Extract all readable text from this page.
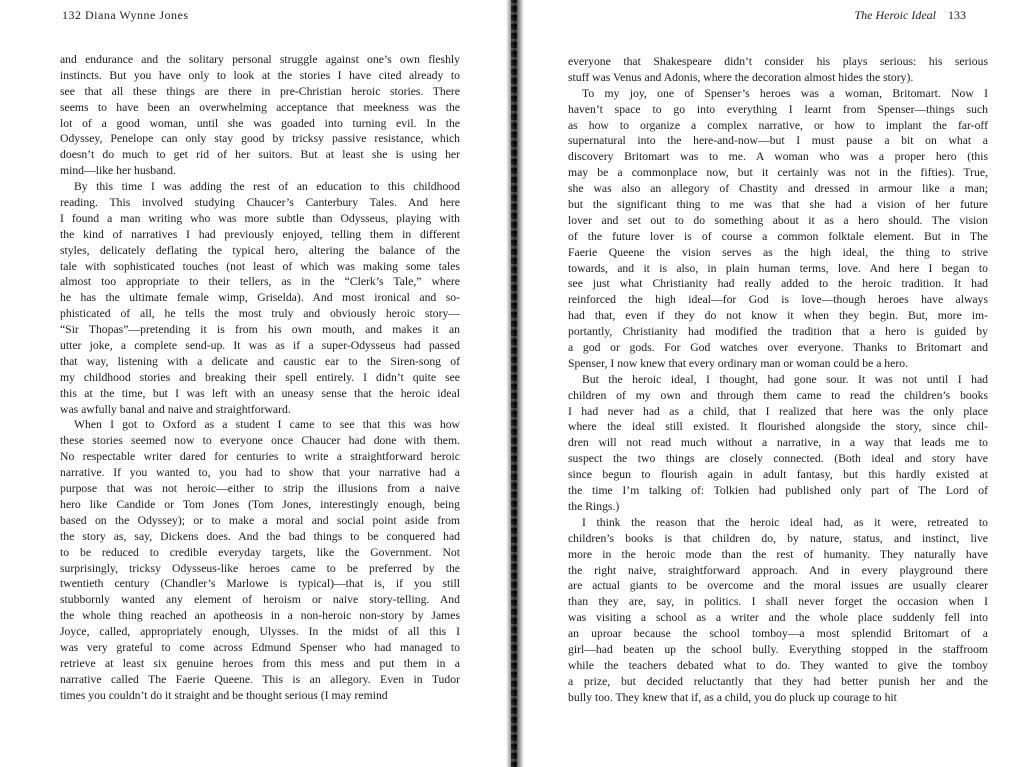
132 Diana Wynne Jones
and endurance and the solitary personal struggle against one’s own fleshly
instincts. But you have only to look at the stories I have cited already to
see that all these things are there in pre-Christian heroic stories. There
seems to have been an overwhelming acceptance that meekness was the
lot of a good woman, until she was goaded into turning evil. In the
Odyssey, Penelope can only stay good by tricksy passive resistance, which
doesn’t do much to get rid of her suitors. But at least she is using her
mind—like her husband.
By this time I was adding the rest of an education to this childhood
reading. This involved studying Chaucer’s Canterbury Tales. And here
I found a man writing who was more subtle than Odysseus, playing with
the kind of narratives I had previously enjoyed, telling them in different
styles, delicately deflating the typical hero, altering the balance of the
tale with sophisticated touches (not least of which was making some tales
almost too appropriate to their tellers, as in the “Clerk’s Tale,” where
he has the ultimate female wimp, Griselda). And most ironical and so-
phisticated of all, he tells the most truly and obviously heroic story—
“Sir Thopas”—pretending it is from his own mouth, and makes it an
utter joke, a complete send-up. It was as if a super-Odysseus had passed
that way, listening with a delicate and caustic ear to the Siren-song of
my childhood stories and breaking their spell entirely. I didn’t quite see
this at the time, but I was left with an uneasy sense that the heroic ideal
was awfully banal and naive and straightforward.
When I got to Oxford as a student I came to see that this was how
these stories seemed now to everyone once Chaucer had done with them.
No respectable writer dared for centuries to write a straightforward heroic
narrative. If you wanted to, you had to show that your narrative had a
purpose that was not heroic—either to strip the illusions from a naive
hero like Candide or Tom Jones (Tom Jones, interestingly enough, being
based on the Odyssey); or to make a moral and social point aside from
the story as, say, Dickens does. And the bad things to be conquered had
to be reduced to credible everyday targets, like the Government. Not
surprisingly, tricksy Odysseus-like heroes came to be preferred by the
twentieth century (Chandler’s Marlowe is typical)—that is, if you still
stubbornly wanted any element of heroism or naive story-telling. And
the whole thing reached an apotheosis in a non-heroic non-story by James
Joyce, called, appropriately enough, Ulysses. In the midst of all this I
was very grateful to come across Edmund Spenser who had managed to
retrieve at least six genuine heroes from this mess and put them in a
narrative called The Faerie Queene. This is an allegory. Even in Tudor
times you couldn’t do it straight and be thought serious (I may remind
The Heroic Ideal 133
everyone that Shakespeare didn’t consider his plays serious: his serious
stuff was Venus and Adonis, where the decoration almost hides the story).
To my joy, one of Spenser’s heroes was a woman, Britomart. Now I
haven’t space to go into everything I learnt from Spenser—things such
as how to organize a complex narrative, or how to implant the far-off
supernatural into the here-and-now—but I must pause a bit on what a
discovery Britomart was to me. A woman who was a proper hero (this
may be a commonplace now, but it certainly was not in the fifties). True,
she was also an allegory of Chastity and dressed in armour like a man;
but the significant thing to me was that she had a vision of her future
lover and set out to do something about it as a hero should. The vision
of the future lover is of course a common folktale element. But in The
Faerie Queene the vision serves as the high ideal, the thing to strive
towards, and it is also, in plain human terms, love. And here I began to
see just what Christianity had really added to the heroic tradition. It had
reinforced the high ideal—for God is love—though heroes have always
had that, even if they do not know it when they begin. But, more im-
portantly, Christianity had modified the tradition that a hero is guided by
a god or gods. For God watches over everyone. Thanks to Britomart and
Spenser, I now knew that every ordinary man or woman could be a hero.
But the heroic ideal, I thought, had gone sour. It was not until I had
children of my own and through them came to read the children’s books
I had never had as a child, that I realized that here was the only place
where the ideal still existed. It flourished alongside the story, since chil-
dren will not read much without a narrative, in a way that leads me to
suspect the two things are closely connected. (Both ideal and story have
since begun to flourish again in adult fantasy, but this hardly existed at
the time I’m talking of: Tolkien had published only part of The Lord of
the Rings.)
I think the reason that the heroic ideal had, as it were, retreated to
children’s books is that children do, by nature, status, and instinct, live
more in the heroic mode than the rest of humanity. They naturally have
the right naive, straightforward approach. And in every playground there
are actual giants to be overcome and the moral issues are usually clearer
than they are, say, in politics. I shall never forget the occasion when I
was visiting a school as a writer and the whole place suddenly fell into
an uproar because the school tomboy—a most splendid Britomart of a
girl—had beaten up the school bully. Everything stopped in the staffroom
while the teachers debated what to do. They wanted to give the tomboy
a prize, but decided reluctantly that they had better punish her and the
bully too. They knew that if, as a child, you do pluck up courage to hit
